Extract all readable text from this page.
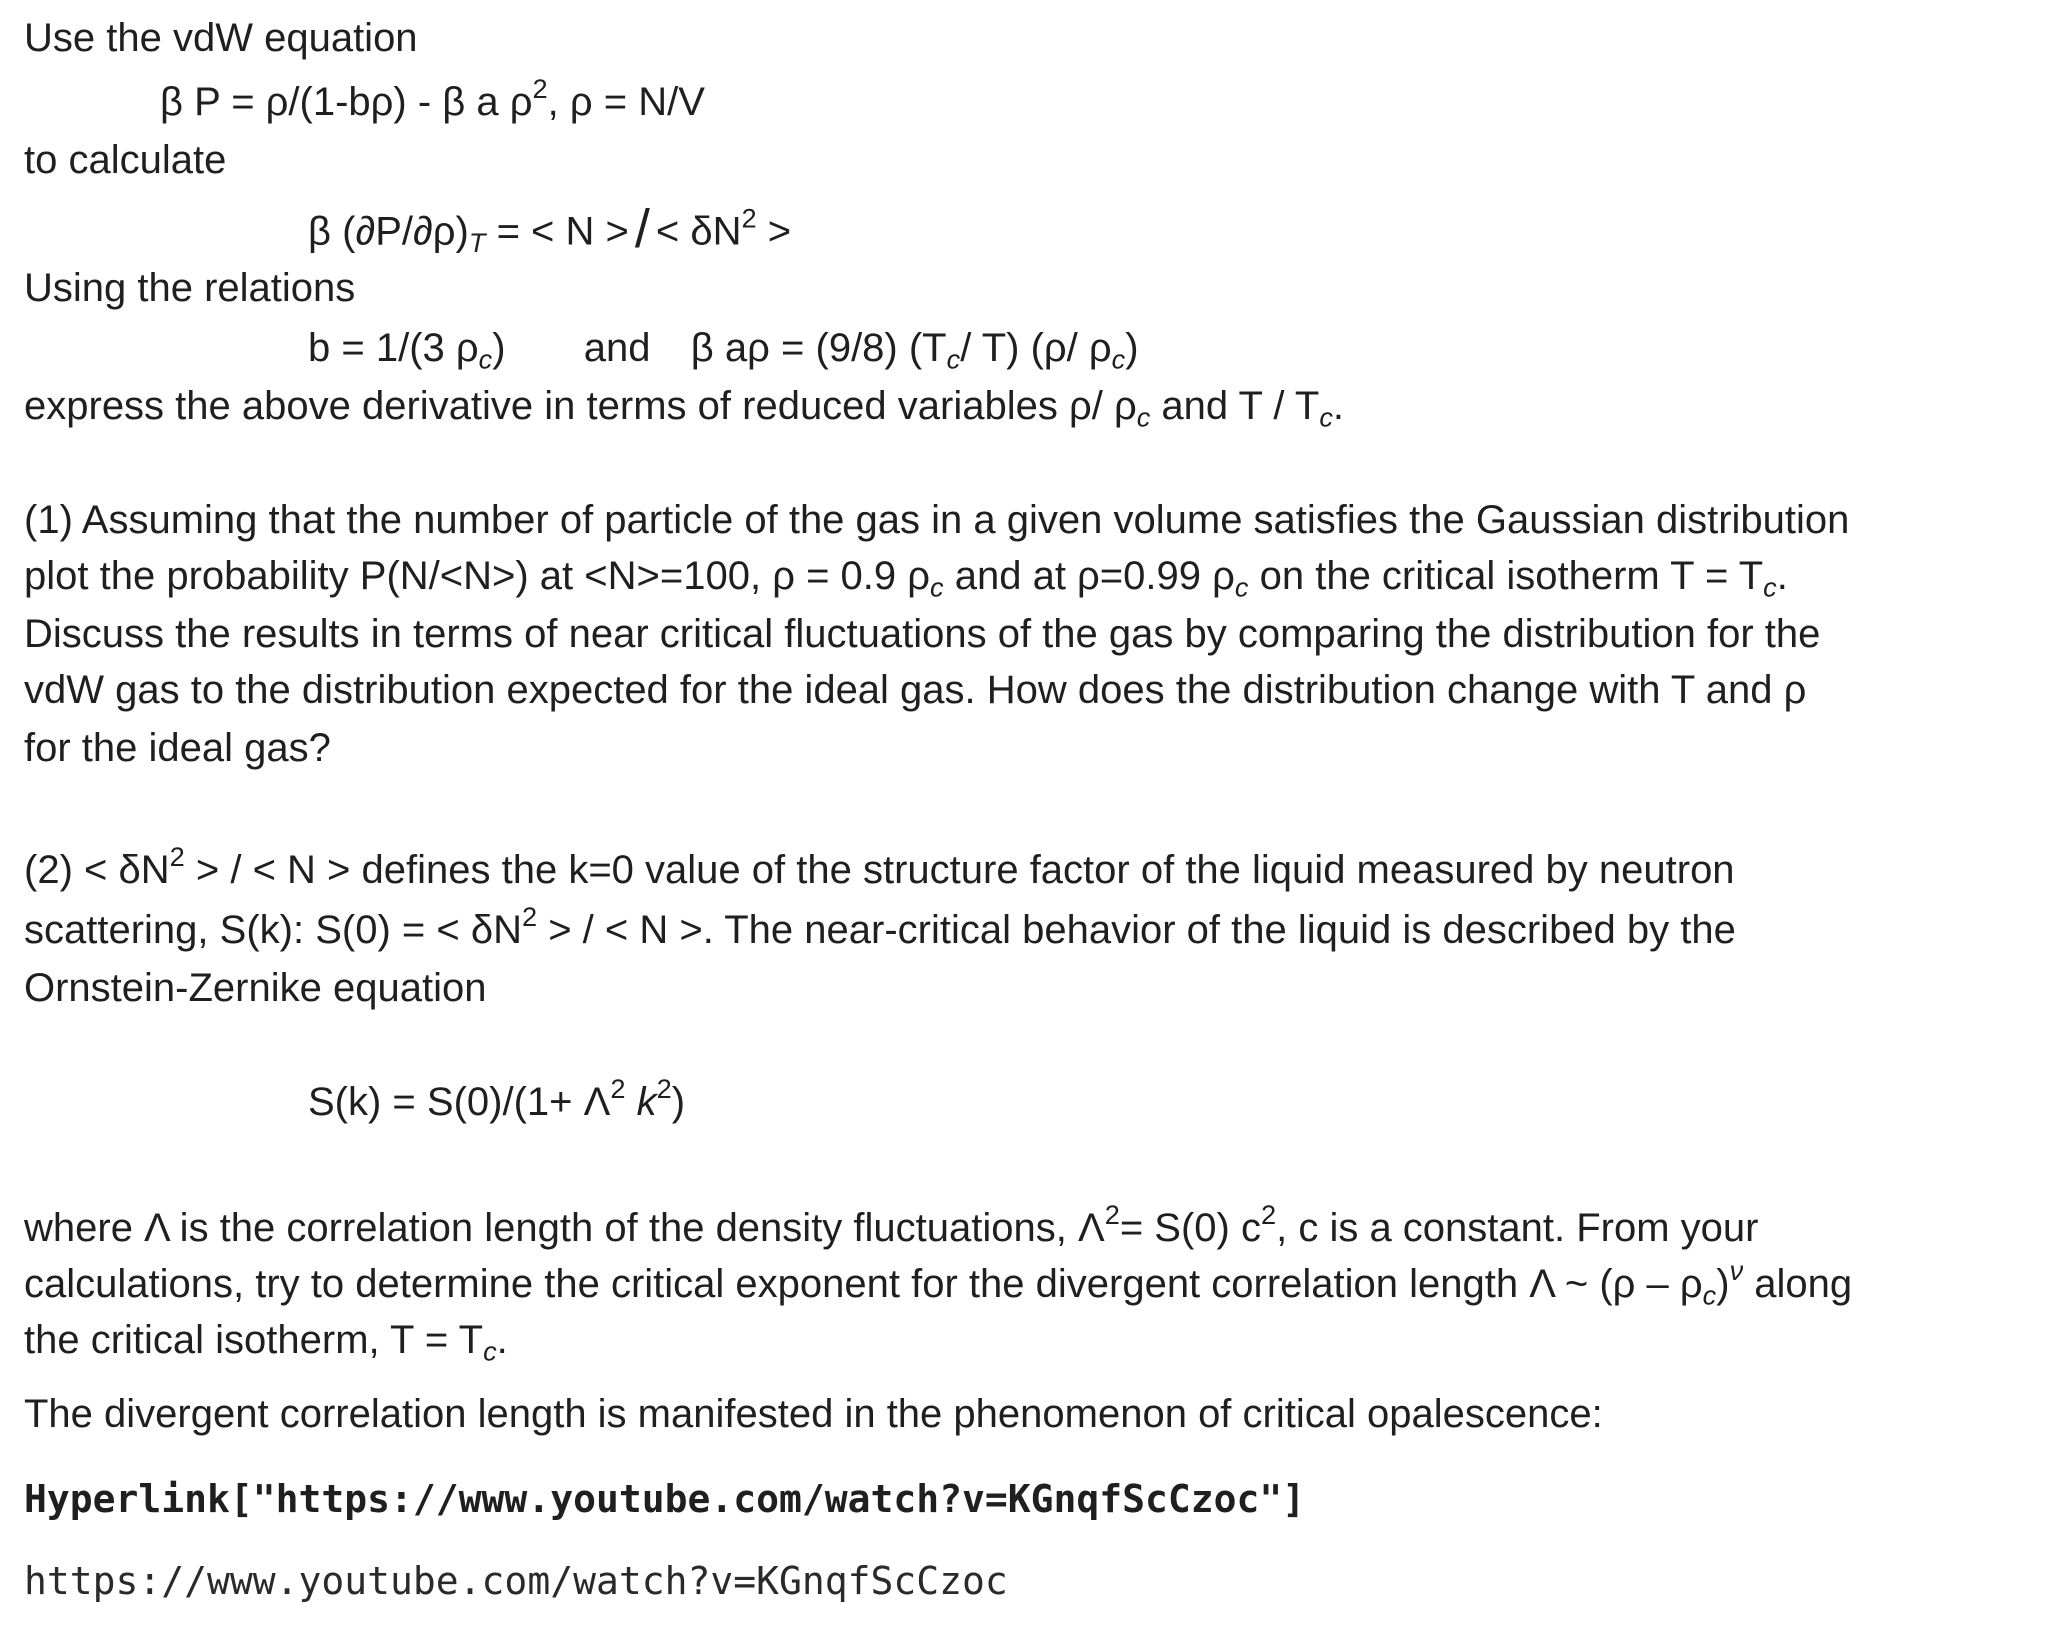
Use the vdW equation
β P = ρ/(1-bρ) - β a $\rho^2$, ρ = N/V
to calculate
β $(\partial P/\partial\rho)_T$ = < N > / < $\delta N^2$ >
Using the relations
b = 1/(3 $\rho_c$) and β aρ = (9/8) ($T_c/$ T) (ρ/ $\rho_c$)
express the above derivative in terms of reduced variables ρ/ $\rho_c$ and T / $T_c$.
(1) Assuming that the number of particle of the gas in a given volume satisfies the Gaussian distribution
plot the probability P(N/<N>) at <N>=100, ρ = 0.9 $\rho_c$ and at ρ=0.99 $\rho_c$ on the critical isotherm $T = T_c$.
Discuss the results in terms of near critical fluctuations of the gas by comparing the distribution for the
vdW gas to the distribution expected for the ideal gas. How does the distribution change with T and ρ
for the ideal gas?
$(2) < \delta N^2$ > / < N > defines the k=0 value of the structure factor of the liquid measured by neutron
scattering, S(k): S(0) = < $\delta N^2$ > / < N >. The near-critical behavior of the liquid is described by the
Ornstein-Zernike equation
$S(k) = S(0)/(1+ \Lambda^2$ $k^2$)
where Λ is the correlation length of the density fluctuations, $\Lambda^2= S(0)$ $c^2$, c is a constant. From your
calculations, try to determine the critical exponent for the divergent correlation length Λ ~ $(\rho - \rho_c)^\nu$ along
the critical isotherm, $T = T_c$.
The divergent correlation length is manifested in the phenomenon of critical opalescence:
Hyperlink["https://www.youtube.com/watch?v=KGnqfScCzoc"]
https://www.youtube.com/watch?v=KGnqfScCzoc
